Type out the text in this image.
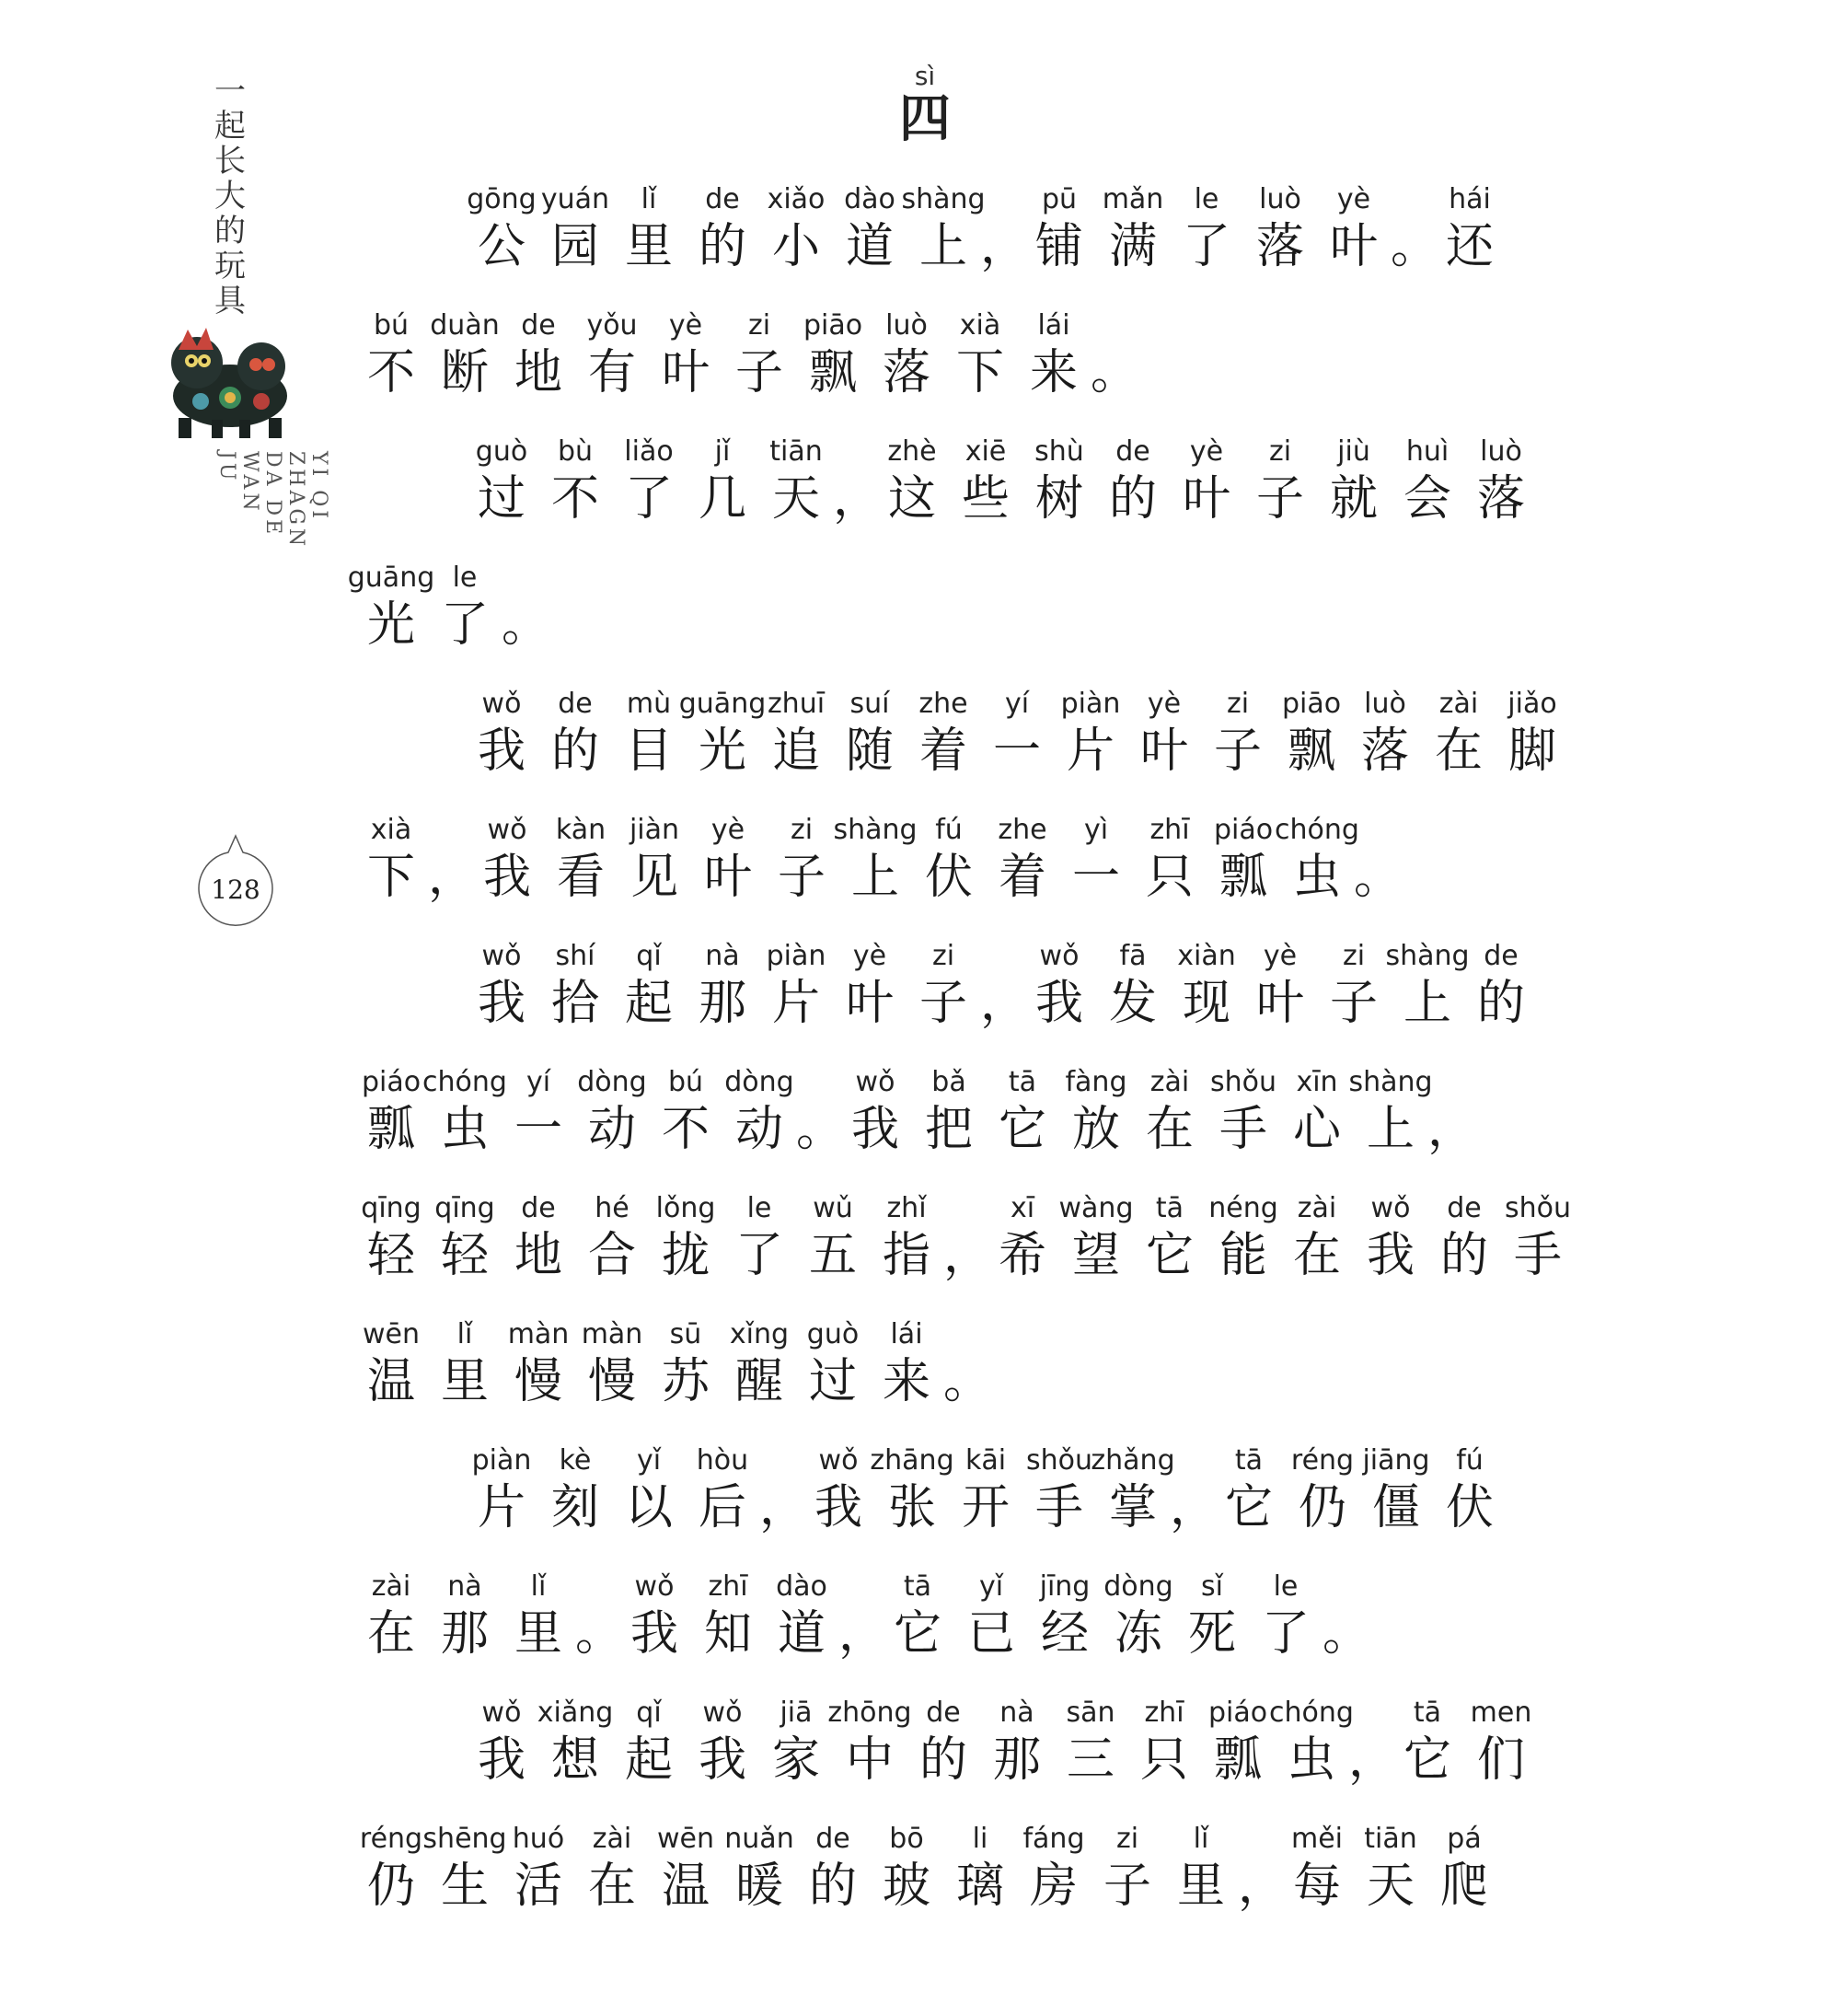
一
起
长
大
的
玩
具
YI QI ZHAGN DA DE WAN JU
128
sì
四
gōng
公
yuán
园
lǐ
里
de
的
xiǎo
小
dào
道
shàng
上 ，
pū
铺
mǎn
满
le
了
luò
落
yè
叶 。
hái
还
bú
不
duàn
断
de
地
yǒu
有
yè
叶
zi
子
piāo
飘
luò
落
xià
下
lái
来 。
guò
过
bù
不
liǎo
了
jǐ
几
tiān
天 ，
zhè
这
xiē
些
shù
树
de
的
yè
叶
zi
子
jiù
就
huì
会
luò
落
guāng
光
le
了 。
wǒ
我
de
的
mù
目
guāng
光
zhuī
追
suí
随
zhe
着
yí
一
piàn
片
yè
叶
zi
子
piāo
飘
luò
落
zài
在
jiǎo
脚
xià
下 ，
wǒ
我
kàn
看
jiàn
见
yè
叶
zi
子
shàng
上
fú
伏
zhe
着
yì
一
zhī
只
piáo
瓢
chóng
虫 。
wǒ
我
shí
拾
qǐ
起
nà
那
piàn
片
yè
叶
zi
子 ，
wǒ
我
fā
发
xiàn
现
yè
叶
zi
子
shàng
上
de
的
piáo
瓢
chóng
虫
yí
一
dòng
动
bú
不
dòng
动 。
wǒ
我
bǎ
把
tā
它
fàng
放
zài
在
shǒu
手
xīn
心
shàng
上 ，
qīng
轻
qīng
轻
de
地
hé
合
lǒng
拢
le
了
wǔ
五
zhǐ
指 ，
xī
希
wàng
望
tā
它
néng
能
zài
在
wǒ
我
de
的
shǒu
手
wēn
温
lǐ
里
màn
慢
màn
慢
sū
苏
xǐng
醒
guò
过
lái
来 。
piàn
片
kè
刻
yǐ
以
hòu
后 ，
wǒ
我
zhāng
张
kāi
开
shǒu
手
zhǎng
掌 ，
tā
它
réng
仍
jiāng
僵
fú
伏
zài
在
nà
那
lǐ
里 。
wǒ
我
zhī
知
dào
道 ，
tā
它
yǐ
已
jīng
经
dòng
冻
sǐ
死
le
了 。
wǒ
我
xiǎng
想
qǐ
起
wǒ
我
jiā
家
zhōng
中
de
的
nà
那
sān
三
zhī
只
piáo
瓢
chóng
虫 ，
tā
它
men
们
réng
仍
shēng
生
huó
活
zài
在
wēn
温
nuǎn
暖
de
的
bō
玻
li
璃
fáng
房
zi
子
lǐ
里 ，
měi
每
tiān
天
pá
爬
